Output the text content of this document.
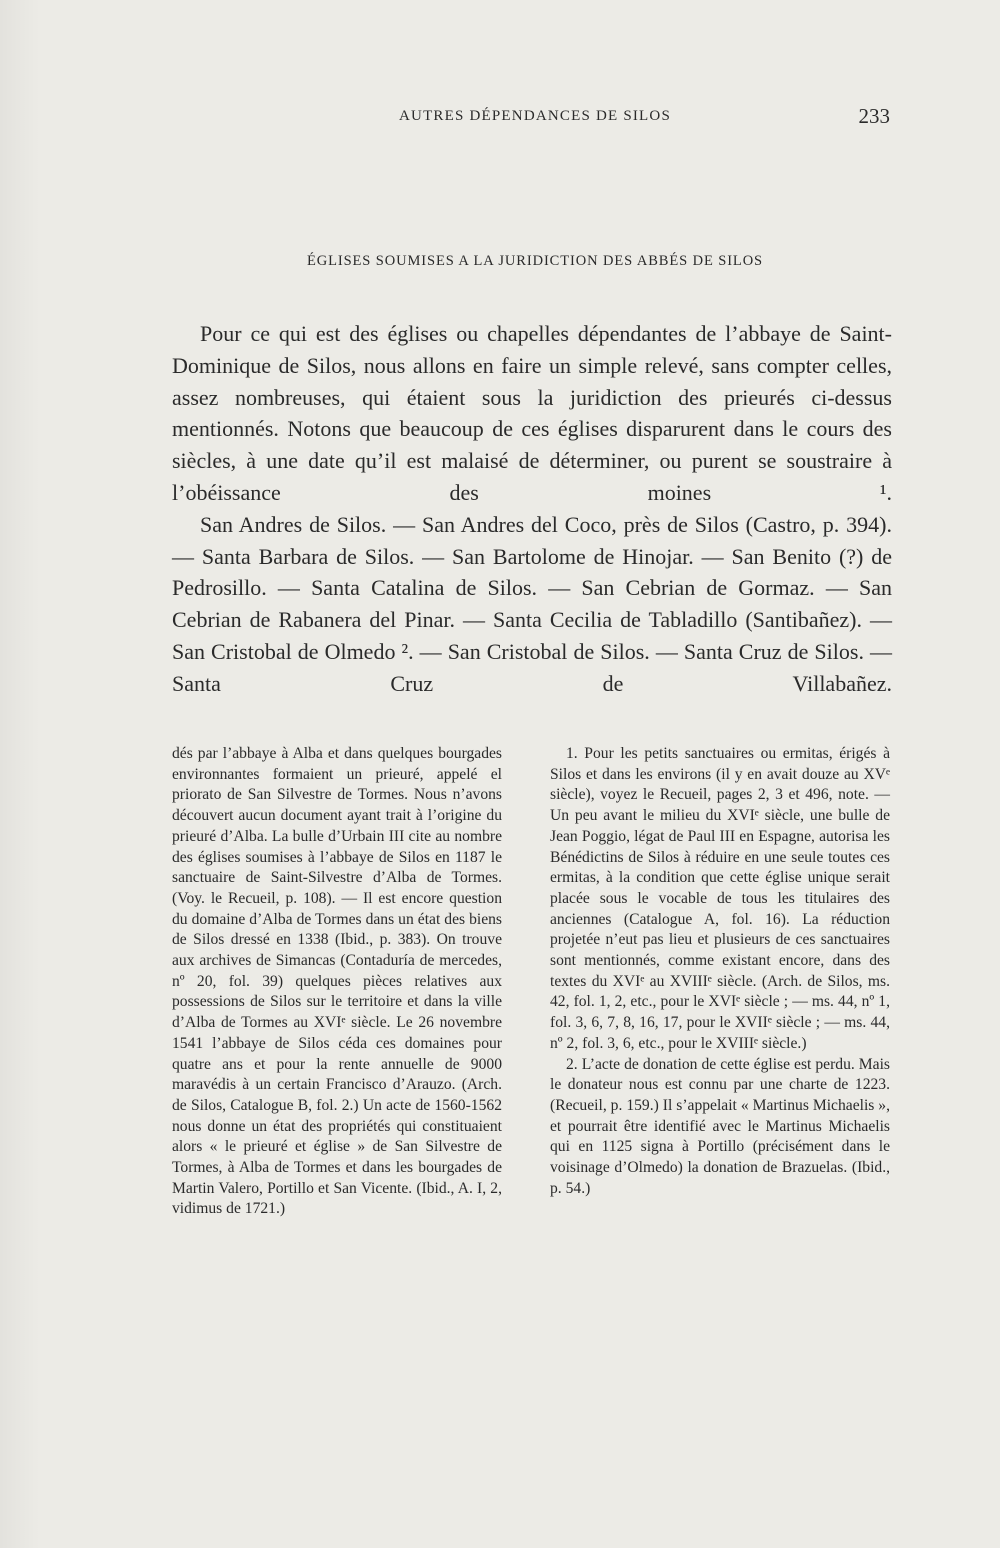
AUTRES DÉPENDANCES DE SILOS	233
ÉGLISES SOUMISES A LA JURIDICTION DES ABBÉS DE SILOS

Pour ce qui est des églises ou chapelles dépendantes de l’abbaye de Saint-Dominique de Silos, nous allons en faire un simple relevé, sans compter celles, assez nombreuses, qui étaient sous la juridiction des prieurés ci-dessus mentionnés. Notons que beaucoup de ces églises disparurent dans le cours des siècles, à une date qu’il est malaisé de déterminer, ou purent se soustraire à l’obéissance des moines ¹.

San Andres de Silos. — San Andres del Coco, près de Silos (Castro, p. 394). — Santa Barbara de Silos. — San Bartolome de Hinojar. — San Benito (?) de Pedrosillo. — Santa Catalina de Silos. — San Cebrian de Gormaz. — San Cebrian de Rabanera del Pinar. — Santa Cecilia de Tabladillo (Santibañez). — San Cristobal de Olmedo ². — San Cristobal de Silos. — Santa Cruz de Silos. — Santa Cruz de Villabañez.

dés par l’abbaye à Alba et dans quelques bourgades environnantes formaient un prieuré, appelé el priorato de San Silvestre de Tormes. Nous n’avons découvert aucun document ayant trait à l’origine du prieuré d’Alba. La bulle d’Urbain III cite au nombre des églises soumises à l’abbaye de Silos en 1187 le sanctuaire de Saint-Silvestre d’Alba de Tormes. (Voy. le Recueil, p. 108). — Il est encore question du domaine d’Alba de Tormes dans un état des biens de Silos dressé en 1338 (Ibid., p. 383). On trouve aux archives de Simancas (Contaduría de mercedes, nº 20, fol. 39) quelques pièces relatives aux possessions de Silos sur le territoire et dans la ville d’Alba de Tormes au XVIᵉ siècle. Le 26 novembre 1541 l’abbaye de Silos céda ces domaines pour quatre ans et pour la rente annuelle de 9000 maravédis à un certain Francisco d’Arauzo. (Arch. de Silos, Catalogue B, fol. 2.) Un acte de 1560-1562 nous donne un état des propriétés qui constituaient alors « le prieuré et église » de San Silvestre de Tormes, à Alba de Tormes et dans les bourgades de Martin Valero, Portillo et San Vicente. (Ibid., A. I, 2, vidimus de 1721.)

1. Pour les petits sanctuaires ou ermitas, érigés à Silos et dans les environs (il y en avait douze au XVᵉ siècle), voyez le Recueil, pages 2, 3 et 496, note. — Un peu avant le milieu du XVIᵉ siècle, une bulle de Jean Poggio, légat de Paul III en Espagne, autorisa les Bénédictins de Silos à réduire en une seule toutes ces ermitas, à la condition que cette église unique serait placée sous le vocable de tous les titulaires des anciennes (Catalogue A, fol. 16). La réduction projetée n’eut pas lieu et plusieurs de ces sanctuaires sont mentionnés, comme existant encore, dans des textes du XVIᵉ au XVIIIᵉ siècle. (Arch. de Silos, ms. 42, fol. 1, 2, etc., pour le XVIᵉ siècle ; — ms. 44, nº 1, fol. 3, 6, 7, 8, 16, 17, pour le XVIIᵉ siècle ; — ms. 44, nº 2, fol. 3, 6, etc., pour le XVIIIᵉ siècle.)

2. L’acte de donation de cette église est perdu. Mais le donateur nous est connu par une charte de 1223. (Recueil, p. 159.) Il s’appelait « Martinus Michaelis », et pourrait être identifié avec le Martinus Michaelis qui en 1125 signa à Portillo (précisément dans le voisinage d’Olmedo) la donation de Brazuelas. (Ibid., p. 54.)
